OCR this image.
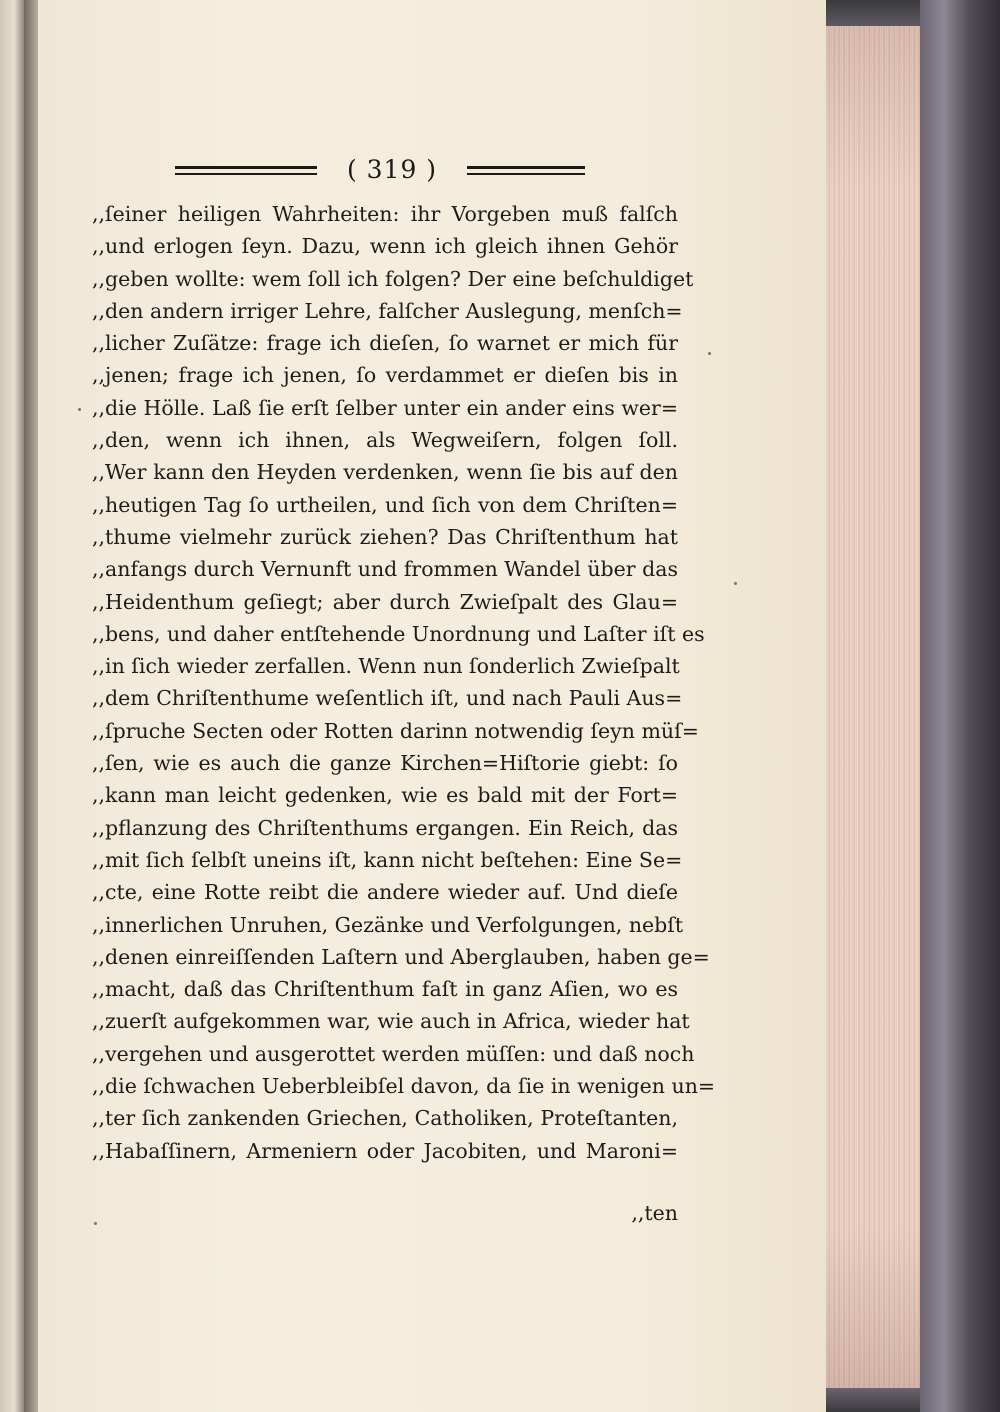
( 319 )
,,ſeiner heiligen Wahrheiten: ihr Vorgeben muß falſch
,,und erlogen ſeyn. Dazu, wenn ich gleich ihnen Gehör
,,geben wollte: wem ſoll ich folgen? Der eine beſchuldiget
,,den andern irriger Lehre, falſcher Auslegung, menſch=
,,licher Zuſätze: frage ich dieſen, ſo warnet er mich für
,,jenen; frage ich jenen, ſo verdammet er dieſen bis in
,,die Hölle. Laß ſie erſt ſelber unter ein ander eins wer=
,,den, wenn ich ihnen, als Wegweiſern, folgen ſoll.
,,Wer kann den Heyden verdenken, wenn ſie bis auf den
,,heutigen Tag ſo urtheilen, und ſich von dem Chriſten=
,,thume vielmehr zurück ziehen? Das Chriſtenthum hat
,,anfangs durch Vernunft und frommen Wandel über das
,,Heidenthum geſiegt; aber durch Zwieſpalt des Glau=
,,bens, und daher entſtehende Unordnung und Laſter iſt es
,,in ſich wieder zerfallen. Wenn nun ſonderlich Zwieſpalt
,,dem Chriſtenthume weſentlich iſt, und nach Pauli Aus=
,,ſpruche Secten oder Rotten darinn notwendig ſeyn müſ=
,,ſen, wie es auch die ganze Kirchen=Hiſtorie giebt: ſo
,,kann man leicht gedenken, wie es bald mit der Fort=
,,pflanzung des Chriſtenthums ergangen. Ein Reich, das
,,mit ſich ſelbſt uneins iſt, kann nicht beſtehen: Eine Se=
,,cte, eine Rotte reibt die andere wieder auf. Und dieſe
,,innerlichen Unruhen, Gezänke und Verfolgungen, nebſt
,,denen einreiſſenden Laſtern und Aberglauben, haben ge=
,,macht, daß das Chriſtenthum faſt in ganz Aſien, wo es
,,zuerſt aufgekommen war, wie auch in Africa, wieder hat
,,vergehen und ausgerottet werden müſſen: und daß noch
,,die ſchwachen Ueberbleibſel davon, da ſie in wenigen un=
,,ter ſich zankenden Griechen, Catholiken, Proteſtanten,
,,Habaſſinern, Armeniern oder Jacobiten, und Maroni=
,,ten
